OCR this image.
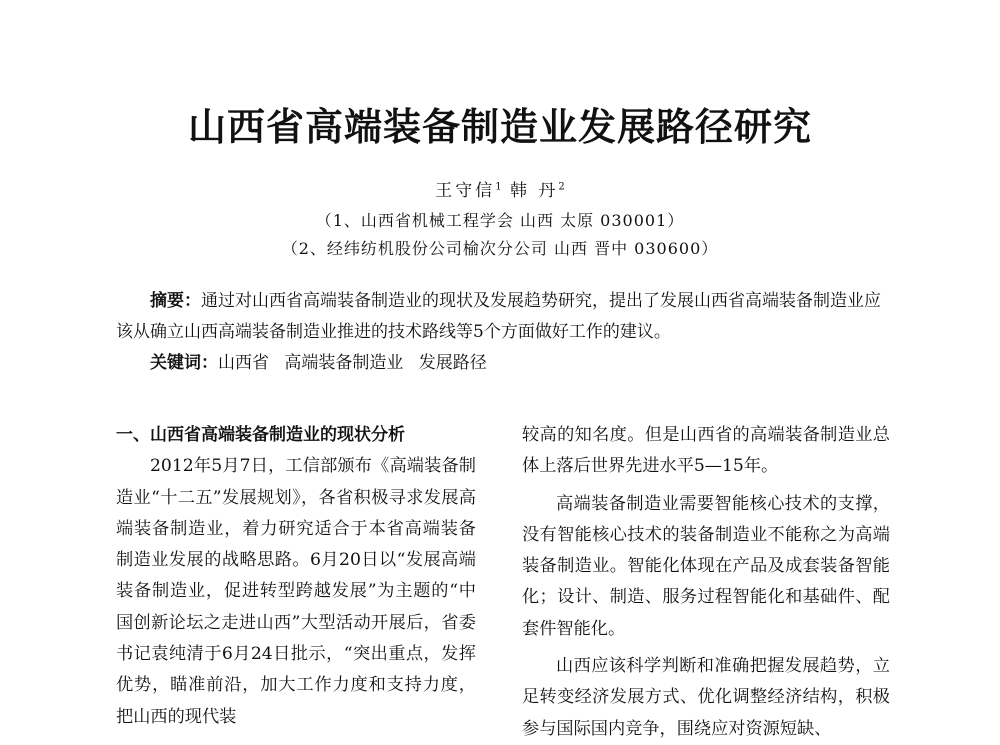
山西省高端装备制造业发展路径研究
王守信$^1$ 韩 丹$^2$
（1、山西省机械工程学会 山西 太原 030001）
（2、经纬纺机股份公司榆次分公司 山西 晋中 030600）

摘要：通过对山西省高端装备制造业的现状及发展趋势研究，提出了发展山西省高端装备制造业应该从确立山西高端装备制造业推进的技术路线等5个方面做好工作的建议。

关键词：山西省 高端装备制造业 发展路径

一、山西省高端装备制造业的现状分析

2012年5月7日，工信部颁布《高端装备制造业“十二五”发展规划》，各省积极寻求发展高端装备制造业，着力研究适合于本省高端装备制造业发展的战略思路。6月20日以“发展高端装备制造业，促进转型跨越发展”为主题的“中国创新论坛之走进山西”大型活动开展后，省委书记袁纯清于6月24日批示，“突出重点，发挥优势，瞄准前沿，加大工作力度和支持力度，把山西的现代装

较高的知名度。但是山西省的高端装备制造业总体上落后世界先进水平5—15年。

高端装备制造业需要智能核心技术的支撑，没有智能核心技术的装备制造业不能称之为高端装备制造业。智能化体现在产品及成套装备智能化；设计、制造、服务过程智能化和基础件、配套件智能化。

山西应该科学判断和准确把握发展趋势，立足转变经济发展方式、优化调整经济结构，积极参与国际国内竞争，围绕应对资源短缺、
